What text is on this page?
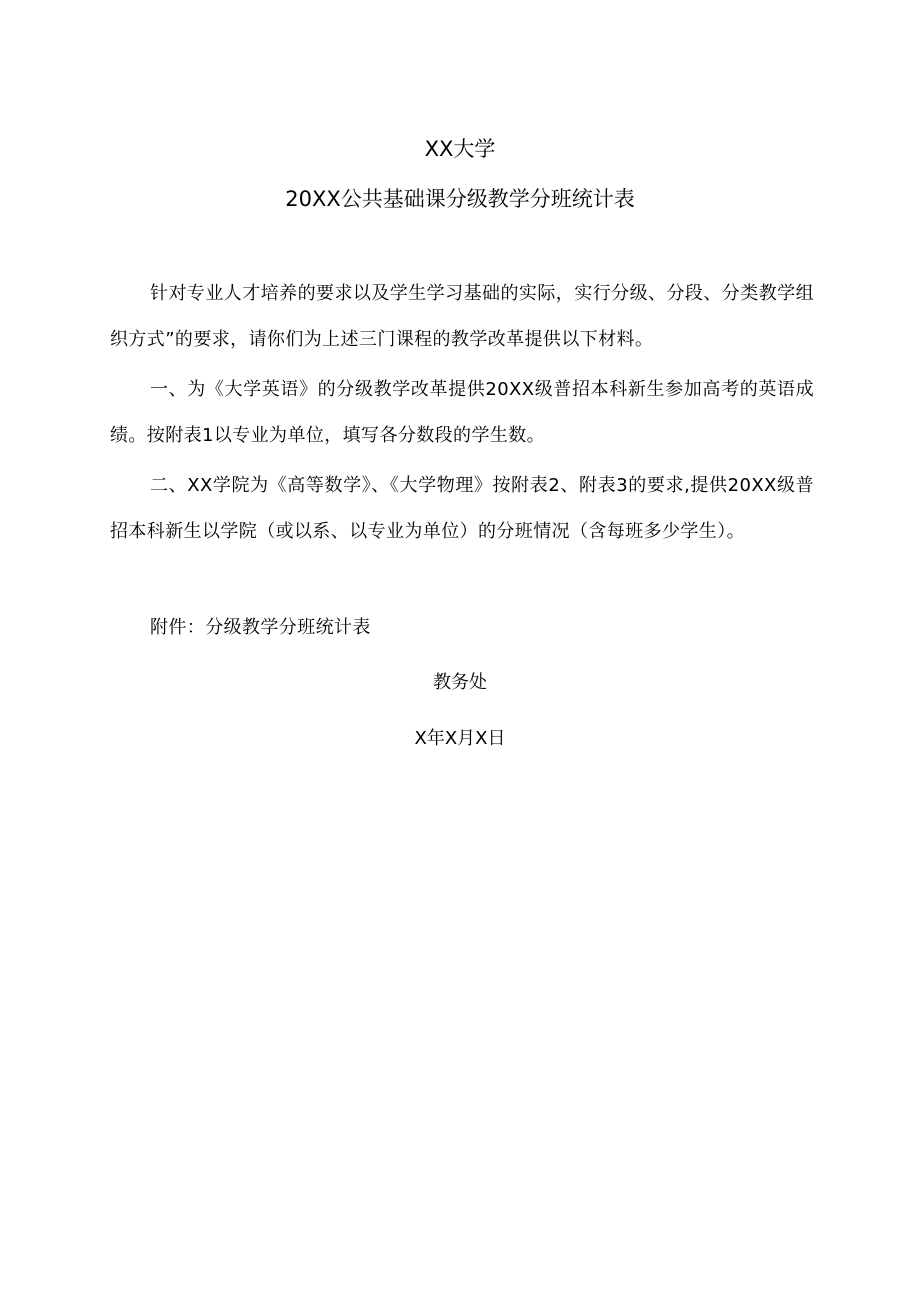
XX大学
20XX公共基础课分级教学分班统计表
针对专业人才培养的要求以及学生学习基础的实际，实行分级、分段、分类教学组织方式”的要求，请你们为上述三门课程的教学改革提供以下材料。
一、为《大学英语》的分级教学改革提供20XX级普招本科新生参加高考的英语成绩。按附表1以专业为单位，填写各分数段的学生数。
二、XX学院为《高等数学》、《大学物理》按附表2、附表3的要求,提供20XX级普招本科新生以学院（或以系、以专业为单位）的分班情况（含每班多少学生）。
附件：分级教学分班统计表
教务处
X年X月X日
